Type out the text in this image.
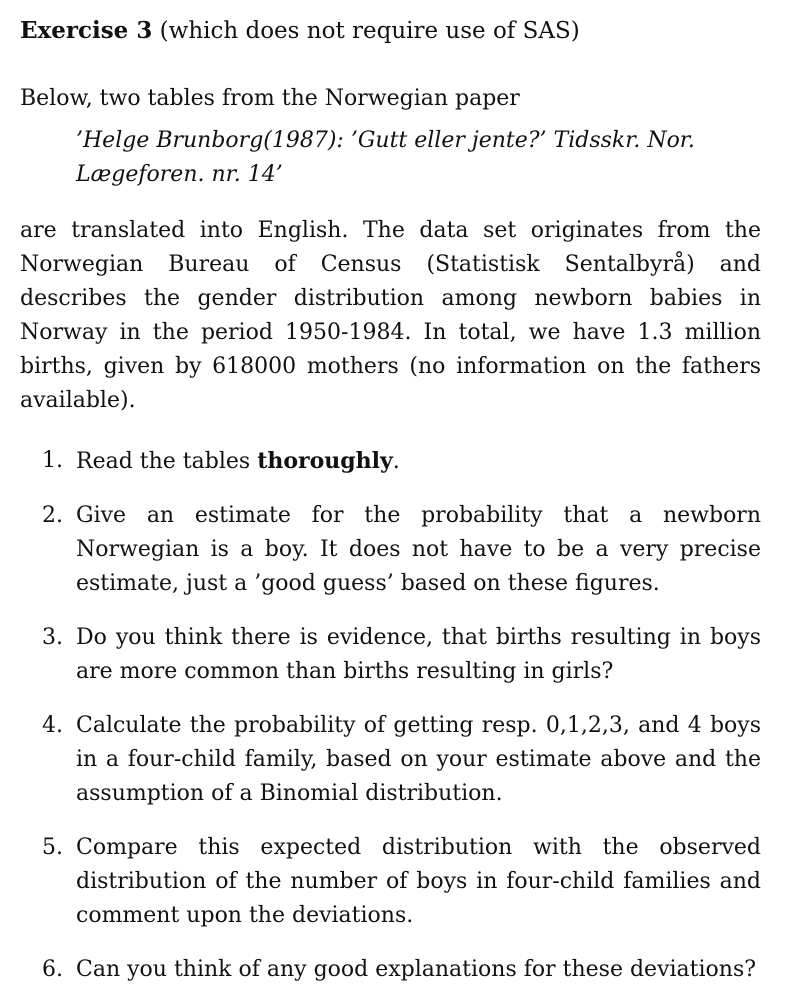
Exercise 3 (which does not require use of SAS)

Below, two tables from the Norwegian paper

’Helge Brunborg(1987): ’Gutt eller jente?’ Tidsskr. Nor.
Lægeforen. nr. 14’

are translated into English. The data set originates from the Norwegian Bureau of Census (Statistisk Sentalbyrå) and describes the gender distribution among newborn babies in Norway in the period 1950-1984. In total, we have 1.3 million births, given by 618000 mothers (no information on the fathers available).

1. Read the tables thoroughly.
2. Give an estimate for the probability that a newborn Norwegian is a boy. It does not have to be a very precise estimate, just a ’good guess’ based on these figures.
3. Do you think there is evidence, that births resulting in boys are more common than births resulting in girls?
4. Calculate the probability of getting resp. 0,1,2,3, and 4 boys in a four-child family, based on your estimate above and the assumption of a Binomial distribution.
5. Compare this expected distribution with the observed distribution of the number of boys in four-child families and comment upon the deviations.
6. Can you think of any good explanations for these deviations?
